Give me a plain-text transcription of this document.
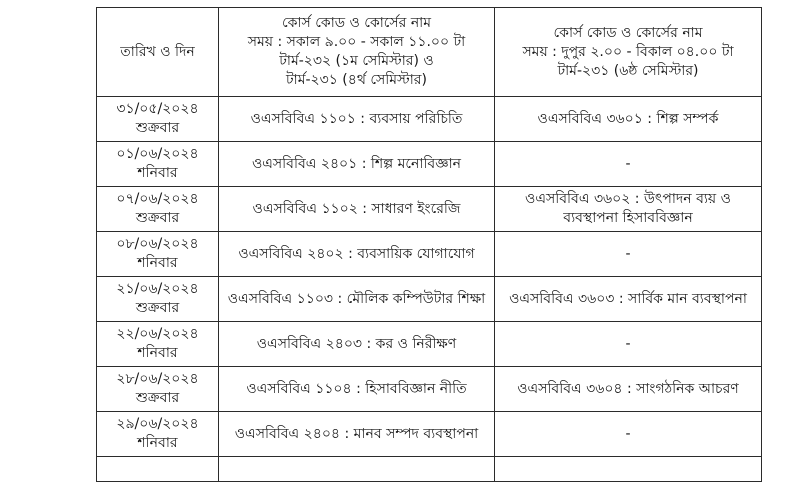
তারিখ ও দিন	কোর্স কোড ও কোর্সের নাম
সময় : সকাল ৯.০০ - সকাল ১১.০০ টা
টার্ম-২৩২ (১ম সেমিস্টার) ও
টার্ম-২৩১ (৪র্থ সেমিস্টার)	কোর্স কোড ও কোর্সের নাম
সময় : দুপুর ২.০০ - বিকাল ০৪.০০ টা
টার্ম-২৩১ (৬ষ্ঠ সেমিস্টার)

৩১/০৫/২০২৪
শুক্রবার	ওএসবিবিএ ১১০১ : ব্যবসায় পরিচিতি	ওএসবিবিএ ৩৬০১ : শিল্প সম্পর্ক

০১/০৬/২০২৪
শনিবার	ওএসবিবিএ ২৪০১ : শিল্প মনোবিজ্ঞান	-

০৭/০৬/২০২৪
শুক্রবার	ওএসবিবিএ ১১০২ : সাধারণ ইংরেজি	ওএসবিবিএ ৩৬০২ : উৎপাদন ব্যয় ও ব্যবস্থাপনা হিসাববিজ্ঞান

০৮/০৬/২০২৪
শনিবার	ওএসবিবিএ ২৪০২ : ব্যবসায়িক যোগাযোগ	-

২১/০৬/২০২৪
শুক্রবার	ওএসবিবিএ ১১০৩ : মৌলিক কম্পিউটার শিক্ষা	ওএসবিবিএ ৩৬০৩ : সার্বিক মান ব্যবস্থাপনা

২২/০৬/২০২৪
শনিবার	ওএসবিবিএ ২৪০৩ : কর ও নিরীক্ষণ	-

২৮/০৬/২০২৪
শুক্রবার	ওএসবিবিএ ১১০৪ : হিসাববিজ্ঞান নীতি	ওএসবিবিএ ৩৬০৪ : সাংগঠনিক আচরণ

২৯/০৬/২০২৪
শনিবার	ওএসবিবিএ ২৪০৪ : মানব সম্পদ ব্যবস্থাপনা	-
